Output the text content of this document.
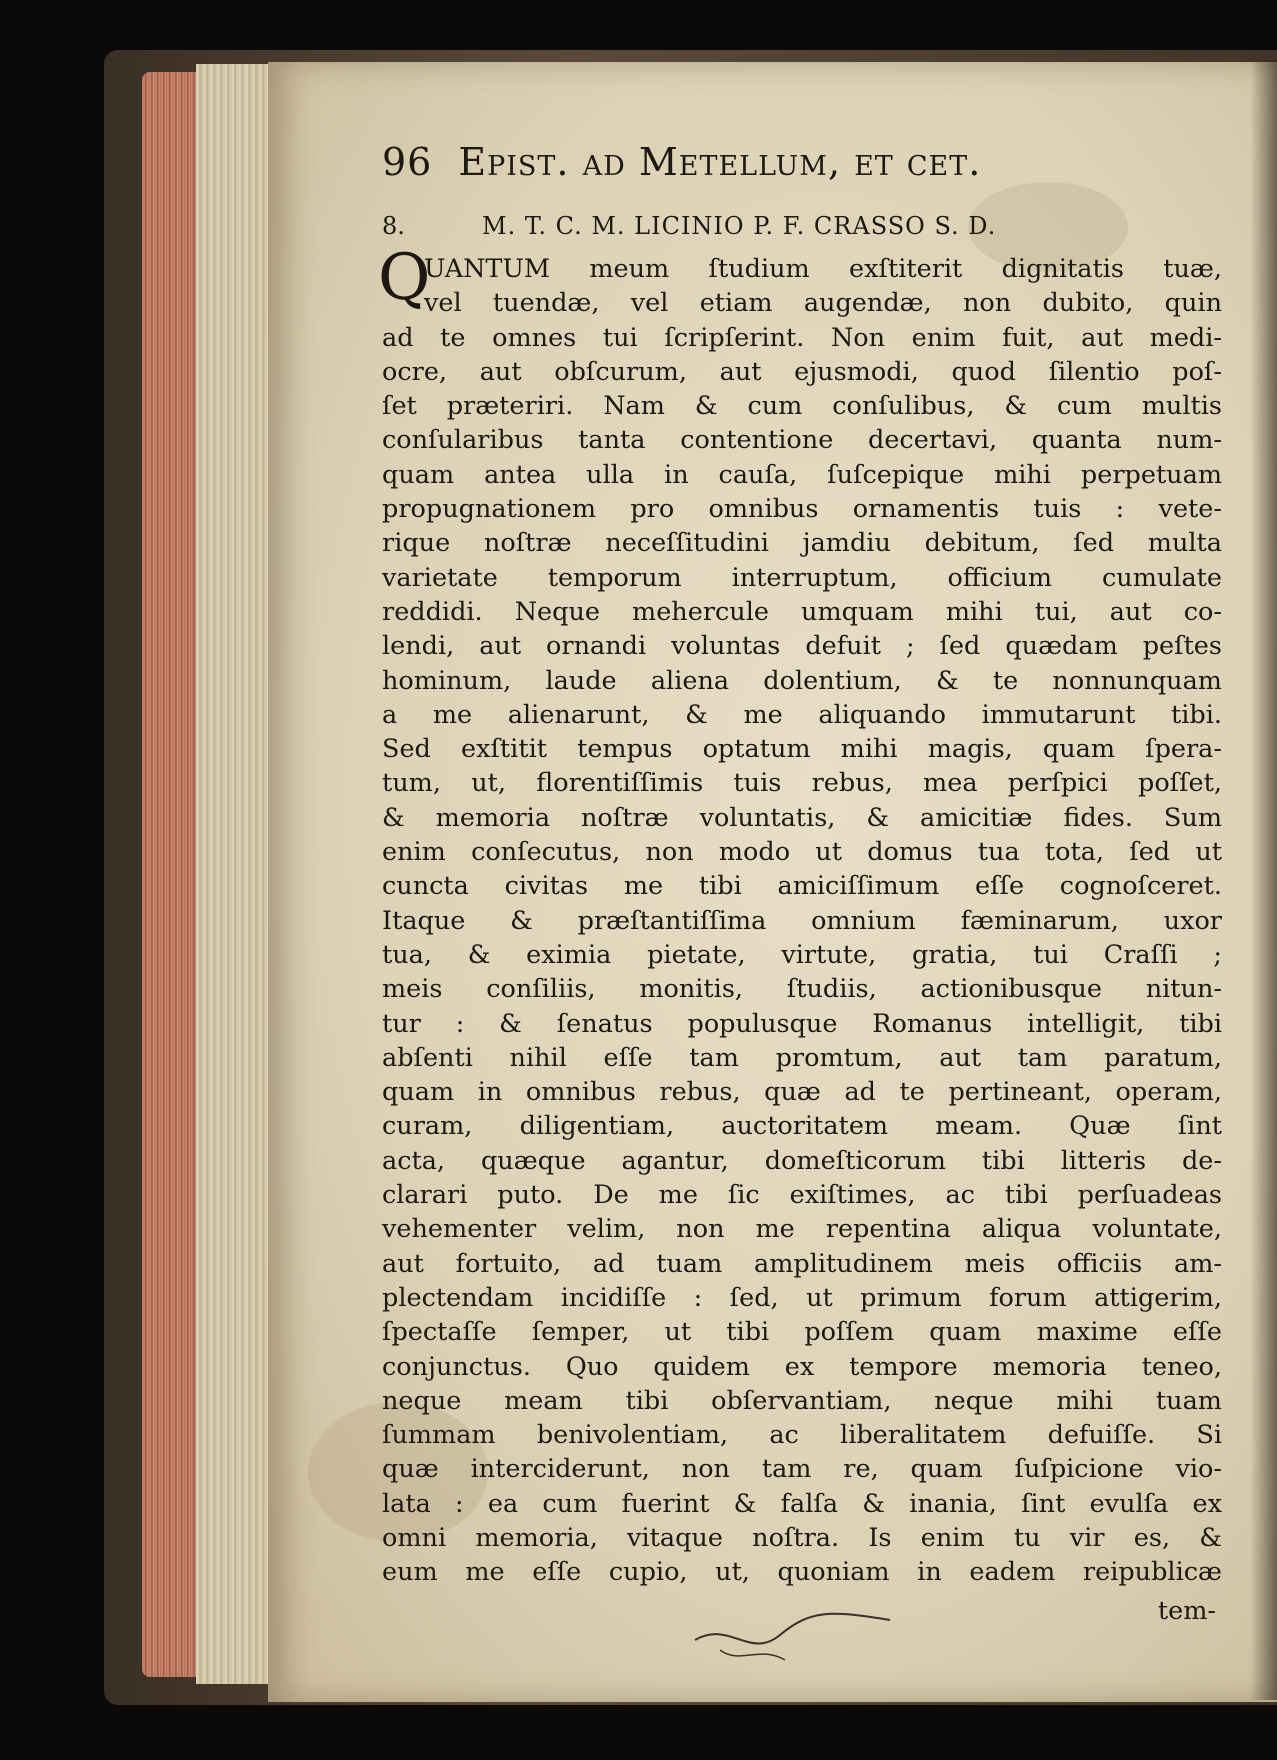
96 Epist. ad Metellum, et cet.
8.	M. T. C. M. LICINIO P. F. CRASSO S. D.
Q
UANTUM meum ſtudium exſtiterit dignitatis tuæ,
vel tuendæ, vel etiam augendæ, non dubito, quin
ad te omnes tui ſcripſerint. Non enim fuit, aut medi-
ocre, aut obſcurum, aut ejusmodi, quod ſilentio poſ-
ſet præteriri. Nam & cum conſulibus, & cum multis
conſularibus tanta contentione decertavi, quanta num-
quam antea ulla in cauſa, ſuſcepique mihi perpetuam
propugnationem pro omnibus ornamentis tuis : vete-
rique noſtræ neceſſitudini jamdiu debitum, ſed multa
varietate temporum interruptum, officium cumulate
reddidi. Neque mehercule umquam mihi tui, aut co-
lendi, aut ornandi voluntas defuit ; ſed quædam peſtes
hominum, laude aliena dolentium, & te nonnunquam
a me alienarunt, & me aliquando immutarunt tibi.
Sed exſtitit tempus optatum mihi magis, quam ſpera-
tum, ut, florentiſſimis tuis rebus, mea perſpici poſſet,
& memoria noſtræ voluntatis, & amicitiæ fides. Sum
enim conſecutus, non modo ut domus tua tota, ſed ut
cuncta civitas me tibi amiciſſimum eſſe cognoſceret.
Itaque & præſtantiſſima omnium fæminarum, uxor
tua, & eximia pietate, virtute, gratia, tui Craſſi ;
meis conſiliis, monitis, ſtudiis, actionibusque nitun-
tur : & ſenatus populusque Romanus intelligit, tibi
abſenti nihil eſſe tam promtum, aut tam paratum,
quam in omnibus rebus, quæ ad te pertineant, operam,
curam, diligentiam, auctoritatem meam. Quæ ſint
acta, quæque agantur, domeſticorum tibi litteris de-
clarari puto. De me ſic exiſtimes, ac tibi perſuadeas
vehementer velim, non me repentina aliqua voluntate,
aut fortuito, ad tuam amplitudinem meis officiis am-
plectendam incidiſſe : ſed, ut primum forum attigerim,
ſpectaſſe ſemper, ut tibi poſſem quam maxime eſſe
conjunctus. Quo quidem ex tempore memoria teneo,
neque meam tibi obſervantiam, neque mihi tuam
ſummam benivolentiam, ac liberalitatem defuiſſe. Si
quæ interciderunt, non tam re, quam ſuſpicione vio-
lata : ea cum fuerint & falſa & inania, ſint evulſa ex
omni memoria, vitaque noſtra. Is enim tu vir es, &
eum me eſſe cupio, ut, quoniam in eadem reipublicæ
tem-
